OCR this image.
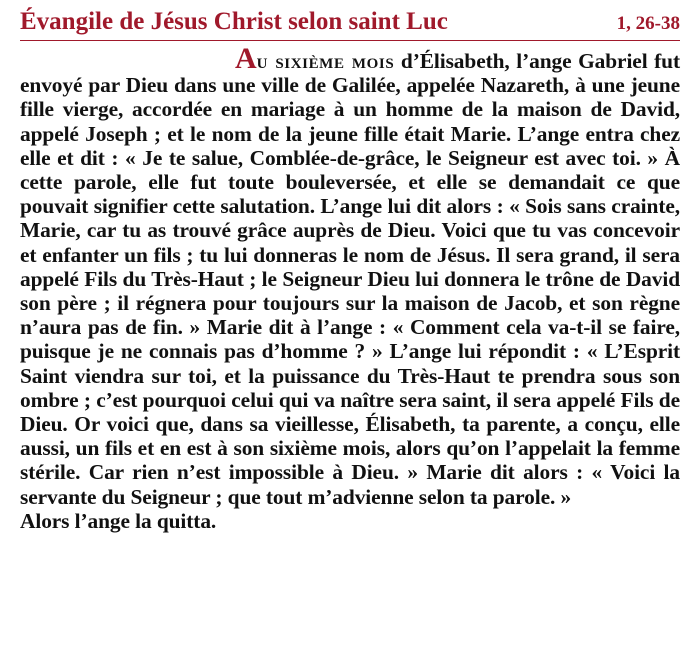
Évangile de Jésus Christ selon saint Luc	1, 26-38
Au sixième mois d’Élisabeth, l’ange Gabriel fut envoyé par Dieu dans une ville de Galilée, appelée Nazareth, à une jeune fille vierge, accordée en mariage à un homme de la maison de David, appelé Joseph ; et le nom de la jeune fille était Marie. L’ange entra chez elle et dit : « Je te salue, Comblée-de-grâce, le Seigneur est avec toi. » À cette parole, elle fut toute bouleversée, et elle se demandait ce que pouvait signifier cette salutation. L’ange lui dit alors : « Sois sans crainte, Marie, car tu as trouvé grâce auprès de Dieu. Voici que tu vas concevoir et enfanter un fils ; tu lui donneras le nom de Jésus. Il sera grand, il sera appelé Fils du Très-Haut ; le Seigneur Dieu lui donnera le trône de David son père ; il régnera pour toujours sur la maison de Jacob, et son règne n’aura pas de fin. » Marie dit à l’ange : « Comment cela va-t-il se faire, puisque je ne connais pas d’homme ? » L’ange lui répondit : « L’Esprit Saint viendra sur toi, et la puissance du Très-Haut te prendra sous son ombre ; c’est pourquoi celui qui va naître sera saint, il sera appelé Fils de Dieu. Or voici que, dans sa vieillesse, Élisabeth, ta parente, a conçu, elle aussi, un fils et en est à son sixième mois, alors qu’on l’appelait la femme stérile. Car rien n’est impossible à Dieu. » Marie dit alors : « Voici la servante du Seigneur ; que tout m’advienne selon ta parole. »
Alors l’ange la quitta.
